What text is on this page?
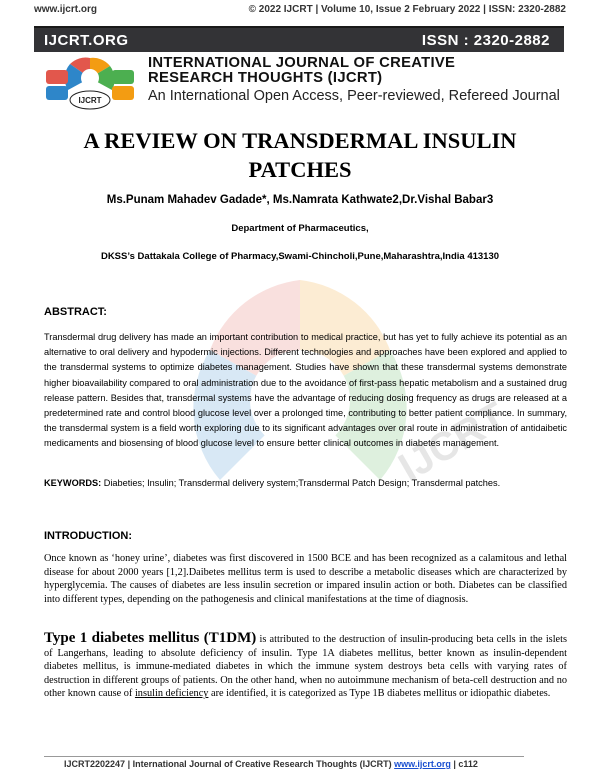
www.ijcrt.org	© 2022 IJCRT | Volume 10, Issue 2 February 2022 | ISSN: 2320-2882
IJCRT.ORG	ISSN : 2320-2882
IJCRT
INTERNATIONAL JOURNAL OF CREATIVE
RESEARCH THOUGHTS (IJCRT)
An International Open Access, Peer-reviewed, Refereed Journal
IJCRT
A REVIEW ON TRANSDERMAL INSULIN PATCHES
Ms.Punam Mahadev Gadade*, Ms.Namrata Kathwate2,Dr.Vishal Babar3
Department of Pharmaceutics,
DKSS’s Dattakala College of Pharmacy,Swami-Chincholi,Pune,Maharashtra,India 413130
ABSTRACT:
Transdermal drug delivery has made an important contribution to medical practice, but has yet to fully achieve its potential as an alternative to oral delivery and hypodermic injections. Different technologies and approaches have been explored and applied to the transdermal systems to optimize diabetes management. Studies have shown that these transdermal systems demonstrate higher bioavailability compared to oral administration due to the avoidance of first-pass hepatic metabolism and a sustained drug release pattern. Besides that, transdermal systems have the advantage of reducing dosing frequency as drugs are released at a predetermined rate and control blood glucose level over a prolonged time, contributing to better patient compliance. In summary, the transdermal system is a field worth exploring due to its significant advantages over oral route in administration of antidaibetic medicaments and biosensing of blood glucose level to ensure better clinical outcomes in diabetes management.
KEYWORDS: Diabeties; Insulin; Transdermal delivery system;Transdermal Patch Design; Transdermal patches.
INTRODUCTION:
Once known as ‘honey urine’, diabetes was first discovered in 1500 BCE and has been recognized as a calamitous and lethal disease for about 2000 years [1,2].Daibetes mellitus term is used to describe a metabolic diseases which are characterized by hyperglycemia. The causes of diabetes are less insulin secretion or impared insulin action or both. Diabetes can be classified into different types, depending on the pathogenesis and clinical manifestations at the time of diagnosis.
Type 1 diabetes mellitus (T1DM) is attributed to the destruction of insulin-producing beta cells in the islets of Langerhans, leading to absolute deficiency of insulin. Type 1A diabetes mellitus, better known as insulin-dependent diabetes mellitus, is immune-mediated diabetes in which the immune system destroys beta cells with varying rates of destruction in different groups of patients. On the other hand, when no autoimmune mechanism of beta-cell destruction and no other known cause of insulin deficiency are identified, it is categorized as Type 1B diabetes mellitus or idiopathic diabetes.
IJCRT2202247 | International Journal of Creative Research Thoughts (IJCRT) www.ijcrt.org | c112
